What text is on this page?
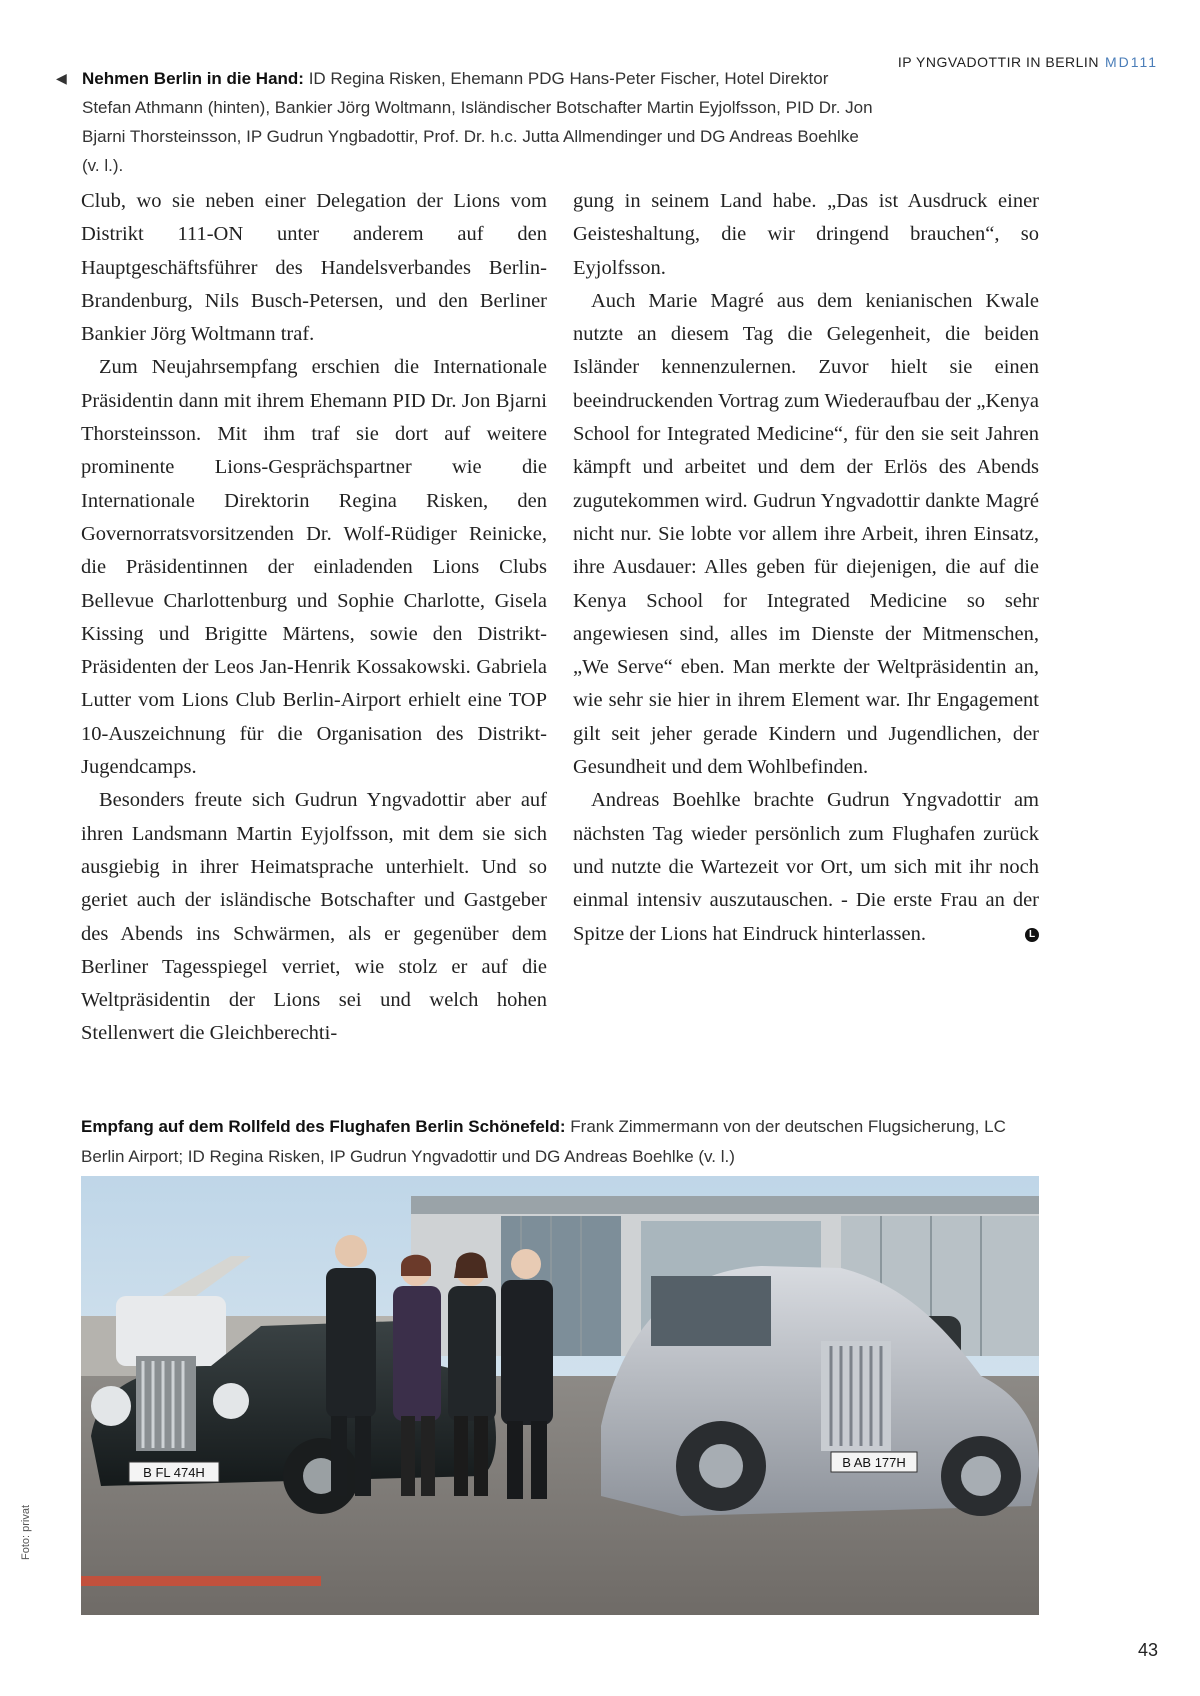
IP YNGVADOTTIR IN BERLIN MD111
◀ Nehmen Berlin in die Hand: ID Regina Risken, Ehemann PDG Hans-Peter Fischer, Hotel Direktor Stefan Athmann (hinten), Bankier Jörg Woltmann, Isländischer Botschafter Martin Eyjolfsson, PID Dr. Jon Bjarni Thorsteinsson, IP Gudrun Yngbadottir, Prof. Dr. h.c. Jutta Allmendinger und DG Andreas Boehlke (v. l.).

Club, wo sie neben einer Delegation der Lions vom Distrikt 111-ON unter anderem auf den Hauptgeschäftsführer des Handelsverbandes Berlin-Brandenburg, Nils Busch-Petersen, und den Berliner Bankier Jörg Woltmann traf.

Zum Neujahrsempfang erschien die Internationale Präsidentin dann mit ihrem Ehemann PID Dr. Jon Bjarni Thorsteinsson. Mit ihm traf sie dort auf weitere prominente Lions-Gesprächspartner wie die Internationale Direktorin Regina Risken, den Governorratsvorsitzenden Dr. Wolf-Rüdiger Reinicke, die Präsidentinnen der einladenden Lions Clubs Bellevue Charlottenburg und Sophie Charlotte, Gisela Kissing und Brigitte Märtens, sowie den Distrikt-Präsidenten der Leos Jan-Henrik Kossakowski. Gabriela Lutter vom Lions Club Berlin-Airport erhielt eine TOP 10-Auszeichnung für die Organisation des Distrikt-Jugendcamps.

Besonders freute sich Gudrun Yngvadottir aber auf ihren Landsmann Martin Eyjolfsson, mit dem sie sich ausgiebig in ihrer Heimatsprache unterhielt. Und so geriet auch der isländische Botschafter und Gastgeber des Abends ins Schwärmen, als er gegenüber dem Berliner Tagesspiegel verriet, wie stolz er auf die Weltpräsidentin der Lions sei und welch hohen Stellenwert die Gleichberechti-

gung in seinem Land habe. „Das ist Ausdruck einer Geisteshaltung, die wir dringend brauchen“, so Eyjolfsson.

Auch Marie Magré aus dem kenianischen Kwale nutzte an diesem Tag die Gelegenheit, die beiden Isländer kennenzulernen. Zuvor hielt sie einen beeindruckenden Vortrag zum Wiederaufbau der „Kenya School for Integrated Medicine“, für den sie seit Jahren kämpft und arbeitet und dem der Erlös des Abends zugutekommen wird. Gudrun Yngvadottir dankte Magré nicht nur. Sie lobte vor allem ihre Arbeit, ihren Einsatz, ihre Ausdauer: Alles geben für diejenigen, die auf die Kenya School for Integrated Medicine so sehr angewiesen sind, alles im Dienste der Mitmenschen, „We Serve“ eben. Man merkte der Weltpräsidentin an, wie sehr sie hier in ihrem Element war. Ihr Engagement gilt seit jeher gerade Kindern und Jugendlichen, der Gesundheit und dem Wohlbefinden.

Andreas Boehlke brachte Gudrun Yngvadottir am nächsten Tag wieder persönlich zum Flughafen zurück und nutzte die Wartezeit vor Ort, um sich mit ihr noch einmal intensiv auszutauschen. - Die erste Frau an der Spitze der Lions hat Eindruck hinterlassen.	L

Empfang auf dem Rollfeld des Flughafen Berlin Schönefeld: Frank Zimmermann von der deutschen Flugsicherung, LC Berlin Airport; ID Regina Risken, IP Gudrun Yngvadottir und DG Andreas Boehlke (v. l.)
B FL 474H
B AB 177H
Foto: privat
43
